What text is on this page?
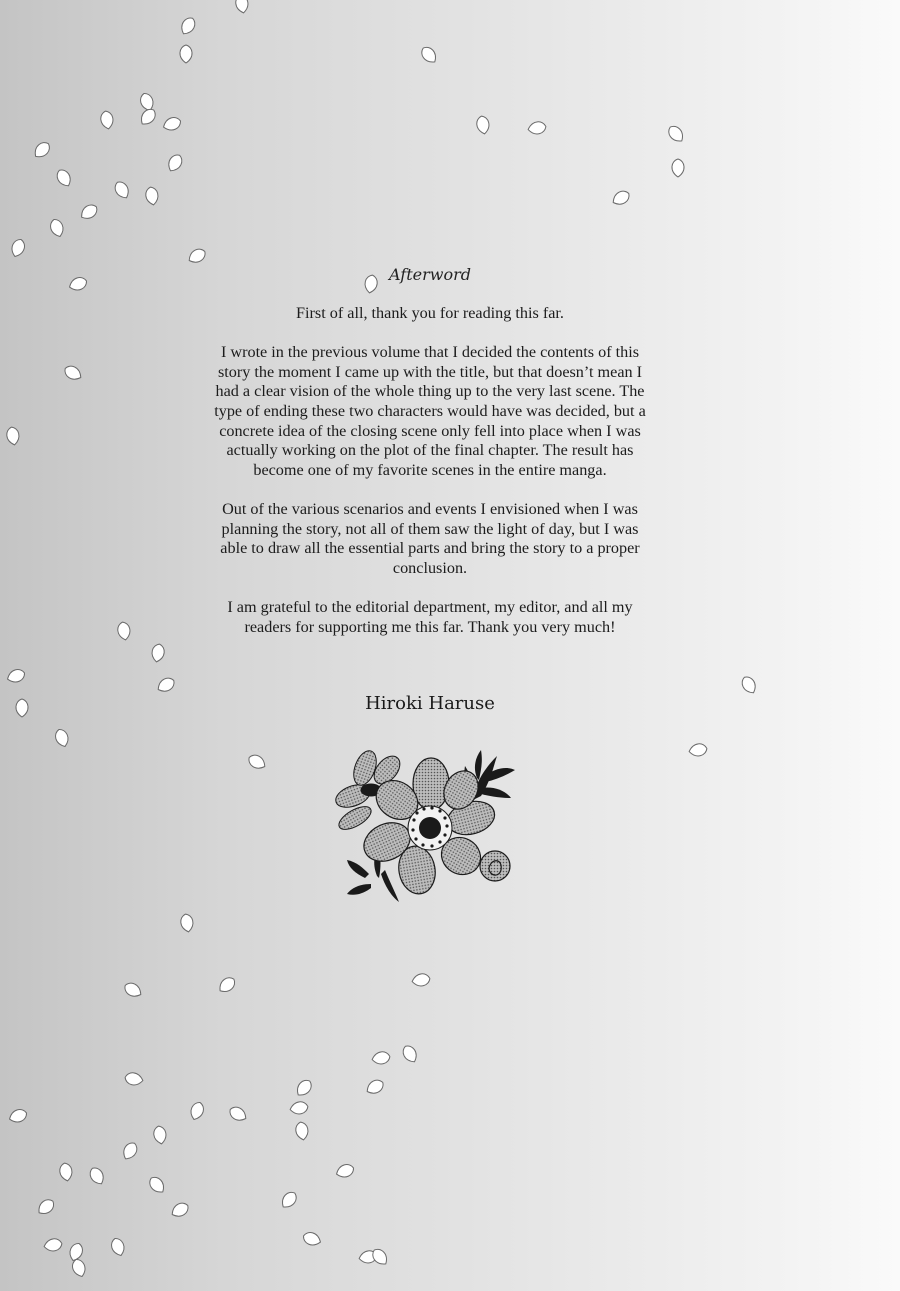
Afterword

First of all, thank you for reading this far.

I wrote in the previous volume that I decided the contents of this story the moment I came up with the title, but that doesn’t mean I had a clear vision of the whole thing up to the very last scene. The type of ending these two characters would have was decided, but a concrete idea of the closing scene only fell into place when I was actually working on the plot of the final chapter. The result has become one of my favorite scenes in the entire manga.

Out of the various scenarios and events I envisioned when I was planning the story, not all of them saw the light of day, but I was able to draw all the essential parts and bring the story to a proper conclusion.

I am grateful to the editorial department, my editor, and all my readers for supporting me this far. Thank you very much!

Hiroki Haruse
